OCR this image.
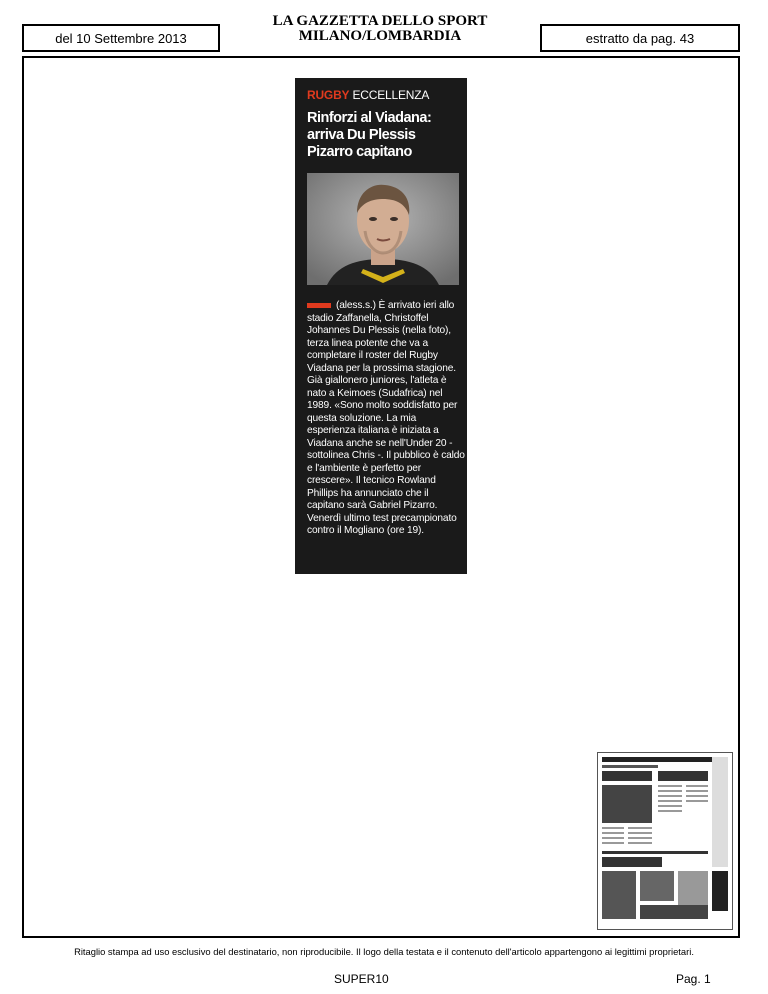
del 10 Settembre 2013
LA GAZZETTA DELLO SPORT
MILANO/LOMBARDIA	estratto da pag. 43
RUGBY ECCELLENZA
Rinforzi al Viadana: arriva Du Plessis Pizarro capitano
(aless.s.) È arrivato ieri allo stadio Zaffanella, Christoffel Johannes Du Plessis (nella foto), terza linea potente che va a completare il roster del Rugby Viadana per la prossima stagione. Già giallonero juniores, l'atleta è nato a Keimoes (Sudafrica) nel 1989. «Sono molto soddisfatto per questa soluzione. La mia esperienza italiana è iniziata a Viadana anche se nell'Under 20 - sottolinea Chris -. Il pubblico è caldo e l'ambiente è perfetto per crescere». Il tecnico Rowland Phillips ha annunciato che il capitano sarà Gabriel Pizarro. Venerdì ultimo test precampionato contro il Mogliano (ore 19).
Ritaglio stampa ad uso esclusivo del destinatario, non riproducibile. Il logo della testata e il contenuto dell'articolo appartengono ai legittimi proprietari.
SUPER10	Pag. 1
